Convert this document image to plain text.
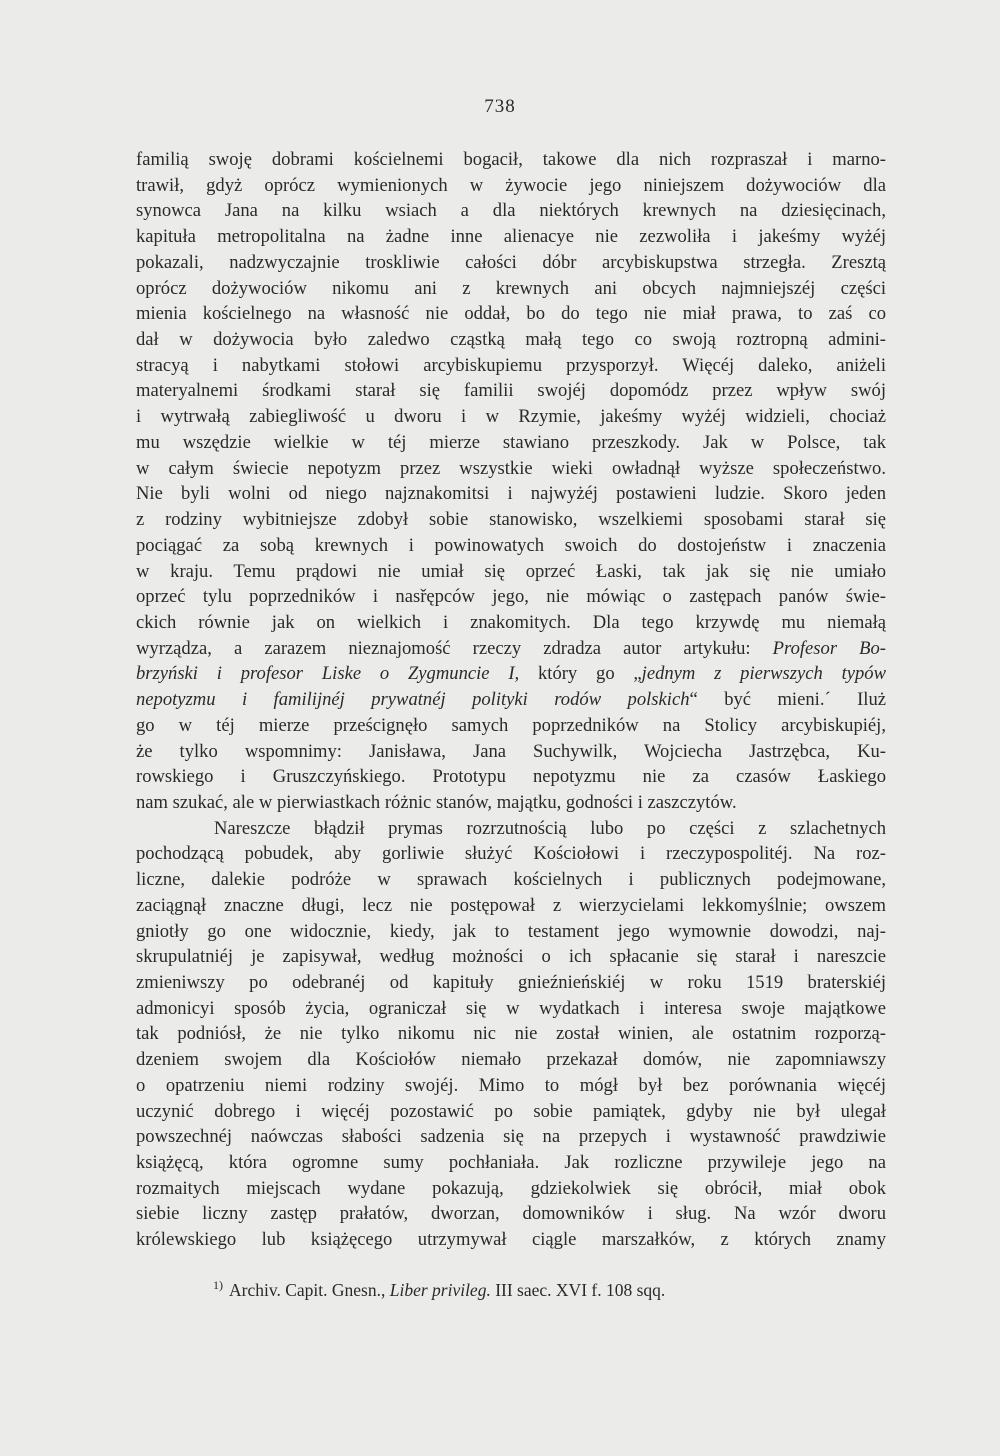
738
familią swoję dobrami kościelnemi bogacił, takowe dla nich rozpraszał i marno-
trawił, gdyż oprócz wymienionych w żywocie jego niniejszem dożywociów dla
synowca Jana na kilku wsiach a dla niektórych krewnych na dziesięcinach,
kapituła metropolitalna na żadne inne alienacye nie zezwoliła i jakeśmy wyżéj
pokazali, nadzwyczajnie troskliwie całości dóbr arcybiskupstwa strzegła. Zresztą
oprócz dożywociów nikomu ani z krewnych ani obcych najmniejszéj części
mienia kościelnego na własność nie oddał, bo do tego nie miał prawa, to zaś co
dał w dożywocia było zaledwo cząstką małą tego co swoją roztropną admini-
stracyą i nabytkami stołowi arcybiskupiemu przysporzył. Więcéj daleko, aniżeli
materyalnemi środkami starał się familii swojéj dopomódz przez wpływ swój
i wytrwałą zabiegliwość u dworu i w Rzymie, jakeśmy wyżéj widzieli, chociaż
mu wszędzie wielkie w téj mierze stawiano przeszkody. Jak w Polsce, tak
w całym świecie nepotyzm przez wszystkie wieki owładnął wyższe społeczeństwo.
Nie byli wolni od niego najznakomitsi i najwyżéj postawieni ludzie. Skoro jeden
z rodziny wybitniejsze zdobył sobie stanowisko, wszelkiemi sposobami starał się
pociągać za sobą krewnych i powinowatych swoich do dostojeństw i znaczenia
w kraju. Temu prądowi nie umiał się oprzeć Łaski, tak jak się nie umiało
oprzeć tylu poprzedników i nasřępców jego, nie mówiąc o zastępach panów świe-
ckich równie jak on wielkich i znakomitych. Dla tego krzywdę mu niemałą
wyrządza, a zarazem nieznajomość rzeczy zdradza autor artykułu: Profesor Bo-
brzyński i profesor Liske o Zygmuncie I, który go „jednym z pierwszych typów
nepotyzmu i familijnéj prywatnéj polityki rodów polskich“ być mieni.´ Iluż
go w téj mierze prześcignęło samych poprzedników na Stolicy arcybiskupiéj,
że tylko wspomnimy: Janisława, Jana Suchywilk, Wojciecha Jastrzębca, Ku-
rowskiego i Gruszczyńskiego. Prototypu nepotyzmu nie za czasów Łaskiego
nam szukać, ale w pierwiastkach różnic stanów, majątku, godności i zaszczytów.
Nareszcze błądził prymas rozrzutnością lubo po części z szlachetnych
pochodzącą pobudek, aby gorliwie służyć Kościołowi i rzeczypospolitéj. Na roz-
liczne, dalekie podróże w sprawach kościelnych i publicznych podejmowane,
zaciągnął znaczne długi, lecz nie postępował z wierzycielami lekkomyślnie; owszem
gniotły go one widocznie, kiedy, jak to testament jego wymownie dowodzi, naj-
skrupulatniéj je zapisywał, według możności o ich spłacanie się starał i nareszcie
zmieniwszy po odebranéj od kapituły gnieźnieńskiéj w roku 1519 braterskiéj
admonicyi sposób życia, ograniczał się w wydatkach i interesa swoje majątkowe
tak podniósł, że nie tylko nikomu nic nie został winien, ale ostatnim rozporzą-
dzeniem swojem dla Kościołów niemało przekazał domów, nie zapomniawszy
o opatrzeniu niemi rodziny swojéj. Mimo to mógł był bez porównania więcéj
uczynić dobrego i więcéj pozostawić po sobie pamiątek, gdyby nie był ulegał
powszechnéj naówczas słabości sadzenia się na przepych i wystawność prawdziwie
książęcą, która ogromne sumy pochłaniała. Jak rozliczne przywileje jego na
rozmaitych miejscach wydane pokazują, gdziekolwiek się obrócił, miał obok
siebie liczny zastęp prałatów, dworzan, domowników i sług. Na wzór dworu
królewskiego lub książęcego utrzymywał ciągle marszałków, z których znamy
$^{1)}$ Archiv. Capit. Gnesn., Liber privileg. III saec. XVI f. 108 sqq.
